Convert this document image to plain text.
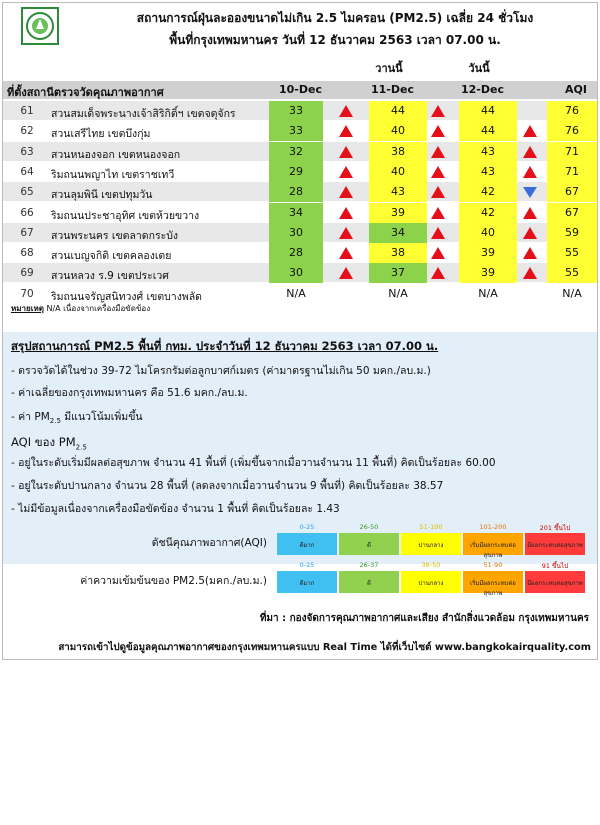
สถานการณ์ฝุ่นละอองขนาดไม่เกิน 2.5 ไมครอน (PM2.5) เฉลี่ย 24 ชั่วโมง
พื้นที่กรุงเทพมหานคร วันที่ 12 ธันวาคม 2563 เวลา 07.00 น.
วานนี้	วันนี้
ที่ตั้งสถานีตรวจวัดคุณภาพอากาศ	10-Dec	11-Dec	12-Dec	AQI
61	สวนสมเด็จพระนางเจ้าสิริกิติ์ฯ เขตจตุจักร	33	44	44	76
62	สวนเสรีไทย เขตบึงกุ่ม	33	40	44	76
63	สวนหนองจอก เขตหนองจอก	32	38	43	71
64	ริมถนนพญาไท เขตราชเทวี	29	40	43	71
65	สวนลุมพินี เขตปทุมวัน	28	43	42	67
66	ริมถนนประชาอุทิศ เขตห้วยขวาง	34	39	42	67
67	สวนพระนคร เขตลาดกระบัง	30	34	40	59
68	สวนเบญจกิติ เขตคลองเตย	28	38	39	55
69	สวนหลวง ร.9 เขตประเวศ	30	37	39	55
70	ริมถนนจรัญสนิทวงศ์ เขตบางพลัด	N/A	N/A	N/A	N/A
หมายเหตุ N/A เนื่องจากเครื่องมือขัดข้อง
สรุปสถานการณ์ PM2.5 พื้นที่ กทม. ประจำวันที่ 12 ธันวาคม 2563 เวลา 07.00 น.
- ตรวจวัดได้ในช่วง 39-72 ไมโครกรัมต่อลูกบาศก์เมตร (ค่ามาตรฐานไม่เกิน 50 มคก./ลบ.ม.)
- ค่าเฉลี่ยของกรุงเทพมหานคร คือ 51.6 มคก./ลบ.ม.
- ค่า $PM_{2.5}$ มีแนวโน้มเพิ่มขึ้น
AQI ของ $PM_{2.5}$
- อยู่ในระดับเริ่มมีผลต่อสุขภาพ จำนวน 41 พื้นที่ (เพิ่มขึ้นจากเมื่อวานจำนวน 11 พื้นที่) คิดเป็นร้อยละ 60.00
- อยู่ในระดับปานกลาง จำนวน 28 พื้นที่ (ลดลงจากเมื่อวานจำนวน 9 พื้นที่) คิดเป็นร้อยละ 38.57
- ไม่มีข้อมูลเนื่องจากเครื่องมือขัดข้อง จำนวน 1 พื้นที่ คิดเป็นร้อยละ 1.43
ดัชนีคุณภาพอากาศ(AQI)
ค่าความเข้มข้นของ PM2.5(มคก./ลบ.ม.)
0-25
ดีมาก
26-50
ดี
51-100
ปานกลาง
101-200
เริ่มมีผลกระทบต่อสุขภาพ
201 ขึ้นไป
มีผลกระทบต่อสุขภาพ
0-25
ดีมาก
26-37
ดี
38-50
ปานกลาง
51-90
เริ่มมีผลกระทบต่อสุขภาพ
91 ขึ้นไป
มีผลกระทบต่อสุขภาพ
ที่มา : กองจัดการคุณภาพอากาศและเสียง สำนักสิ่งแวดล้อม กรุงเทพมหานคร
สามารถเข้าไปดูข้อมูลคุณภาพอากาศของกรุงเทพมหานครแบบ Real Time ได้ที่เว็บไซต์ www.bangkokairquality.com
